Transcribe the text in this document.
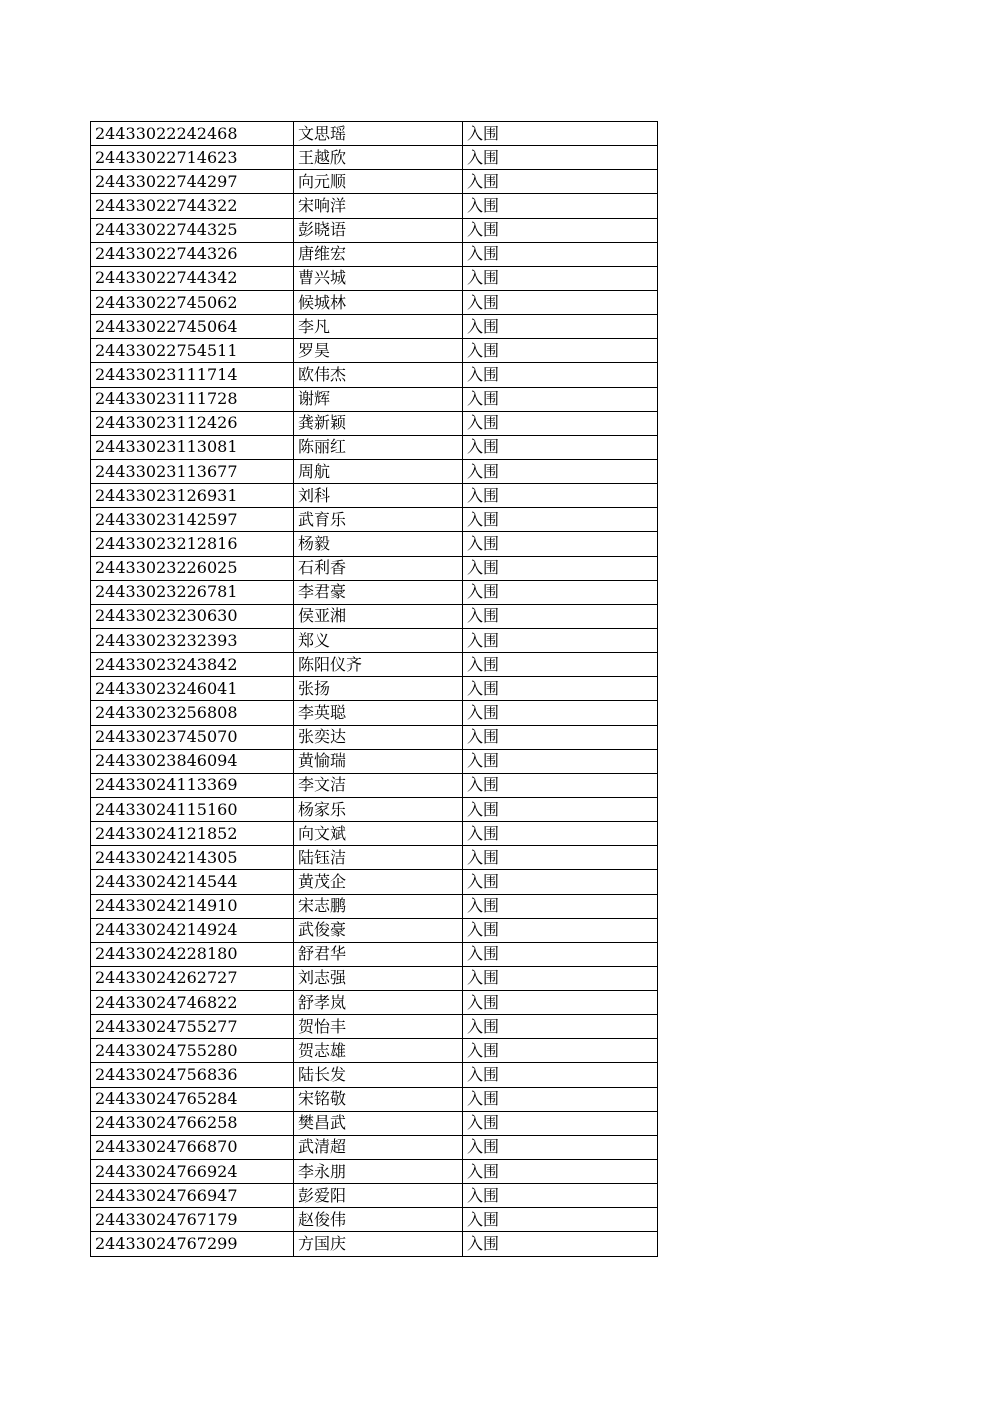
24433022242468	文思瑶	入围
24433022714623	王越欣	入围
24433022744297	向元顺	入围
24433022744322	宋响洋	入围
24433022744325	彭晓语	入围
24433022744326	唐维宏	入围
24433022744342	曹兴城	入围
24433022745062	候城林	入围
24433022745064	李凡	入围
24433022754511	罗昊	入围
24433023111714	欧伟杰	入围
24433023111728	谢辉	入围
24433023112426	龚新颖	入围
24433023113081	陈丽红	入围
24433023113677	周航	入围
24433023126931	刘科	入围
24433023142597	武育乐	入围
24433023212816	杨毅	入围
24433023226025	石利香	入围
24433023226781	李君豪	入围
24433023230630	侯亚湘	入围
24433023232393	郑义	入围
24433023243842	陈阳仪齐	入围
24433023246041	张扬	入围
24433023256808	李英聪	入围
24433023745070	张奕达	入围
24433023846094	黄愉瑞	入围
24433024113369	李文洁	入围
24433024115160	杨家乐	入围
24433024121852	向文斌	入围
24433024214305	陆钰洁	入围
24433024214544	黄茂企	入围
24433024214910	宋志鹏	入围
24433024214924	武俊豪	入围
24433024228180	舒君华	入围
24433024262727	刘志强	入围
24433024746822	舒孝岚	入围
24433024755277	贺怡丰	入围
24433024755280	贺志雄	入围
24433024756836	陆长发	入围
24433024765284	宋铭敬	入围
24433024766258	樊昌武	入围
24433024766870	武清超	入围
24433024766924	李永朋	入围
24433024766947	彭爱阳	入围
24433024767179	赵俊伟	入围
24433024767299	方国庆	入围
